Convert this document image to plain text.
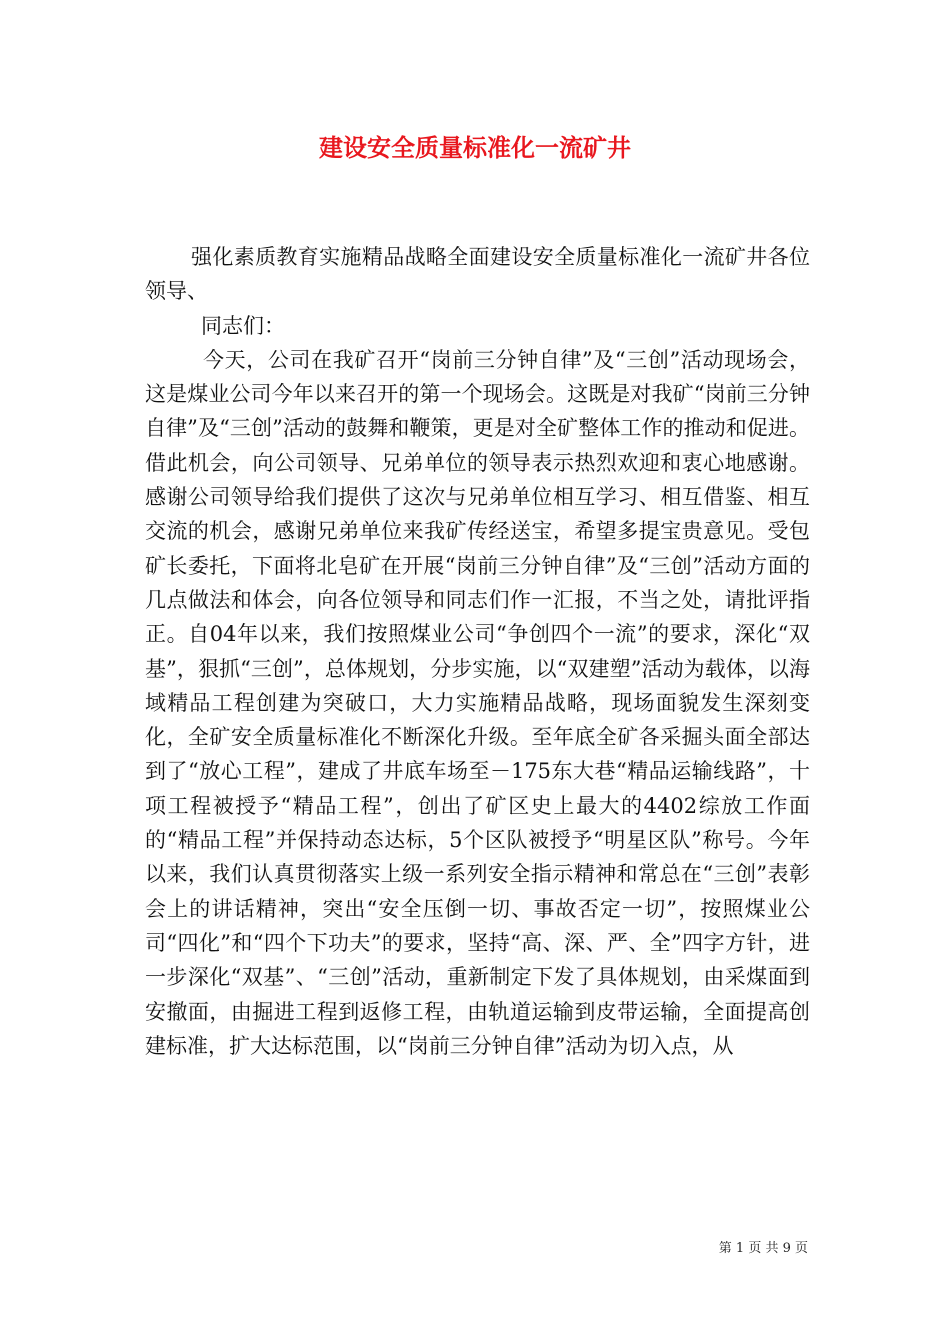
建设安全质量标准化一流矿井

强化素质教育实施精品战略全面建设安全质量标准化一流矿井各位领导、

同志们：

今天，公司在我矿召开“岗前三分钟自律”及“三创”活动现场会，这是煤业公司今年以来召开的第一个现场会。这既是对我矿“岗前三分钟自律”及“三创”活动的鼓舞和鞭策，更是对全矿整体工作的推动和促进。借此机会，向公司领导、兄弟单位的领导表示热烈欢迎和衷心地感谢。感谢公司领导给我们提供了这次与兄弟单位相互学习、相互借鉴、相互交流的机会，感谢兄弟单位来我矿传经送宝，希望多提宝贵意见。受包矿长委托，下面将北皂矿在开展“岗前三分钟自律”及“三创”活动方面的几点做法和体会，向各位领导和同志们作一汇报，不当之处，请批评指正。自04年以来，我们按照煤业公司“争创四个一流”的要求，深化“双基”，狠抓“三创”，总体规划，分步实施，以“双建塑”活动为载体，以海域精品工程创建为突破口，大力实施精品战略，现场面貌发生深刻变化，全矿安全质量标准化不断深化升级。至年底全矿各采掘头面全部达到了“放心工程”，建成了井底车场至－175东大巷“精品运输线路”，十项工程被授予“精品工程”，创出了矿区史上最大的4402综放工作面的“精品工程”并保持动态达标，5个区队被授予“明星区队”称号。今年以来，我们认真贯彻落实上级一系列安全指示精神和常总在“三创”表彰会上的讲话精神，突出“安全压倒一切、事故否定一切”，按照煤业公司“四化”和“四个下功夫”的要求，坚持“高、深、严、全”四字方针，进一步深化“双基”、“三创”活动，重新制定下发了具体规划，由采煤面到安撤面，由掘进工程到返修工程，由轨道运输到皮带运输，全面提高创建标准，扩大达标范围，以“岗前三分钟自律”活动为切入点，从

第 1 页 共 9 页
